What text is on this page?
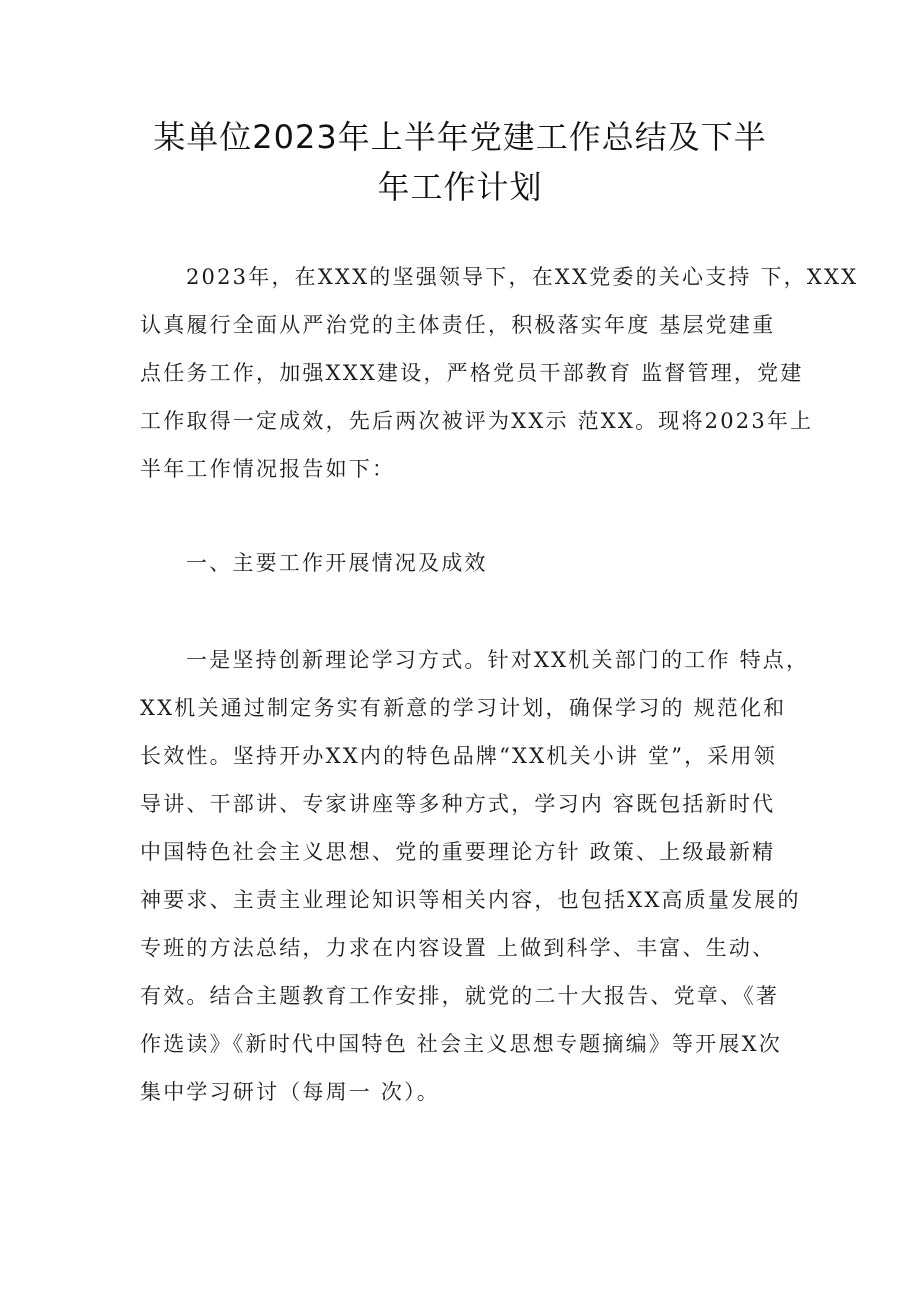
某单位2023年上半年党建工作总结及下半
年工作计划
2023年，在XXX的坚强领导下，在XX党委的关心支持 下，XXX
认真履行全面从严治党的主体责任，积极落实年度 基层党建重
点任务工作，加强XXX建设，严格党员干部教育 监督管理，党建
工作取得一定成效，先后两次被评为XX示 范XX。现将2023年上
半年工作情况报告如下：
一、主要工作开展情况及成效
一是坚持创新理论学习方式。针对XX机关部门的工作 特点，
XX机关通过制定务实有新意的学习计划，确保学习的 规范化和
长效性。坚持开办XX内的特色品牌“XX机关小讲 堂”，采用领
导讲、干部讲、专家讲座等多种方式，学习内 容既包括新时代
中国特色社会主义思想、党的重要理论方针 政策、上级最新精
神要求、主责主业理论知识等相关内容，也包括XX高质量发展的
专班的方法总结，力求在内容设置 上做到科学、丰富、生动、
有效。结合主题教育工作安排，就党的二十大报告、党章、《著
作选读》《新时代中国特色 社会主义思想专题摘编》等开展X次
集中学习研讨（每周一 次）。
